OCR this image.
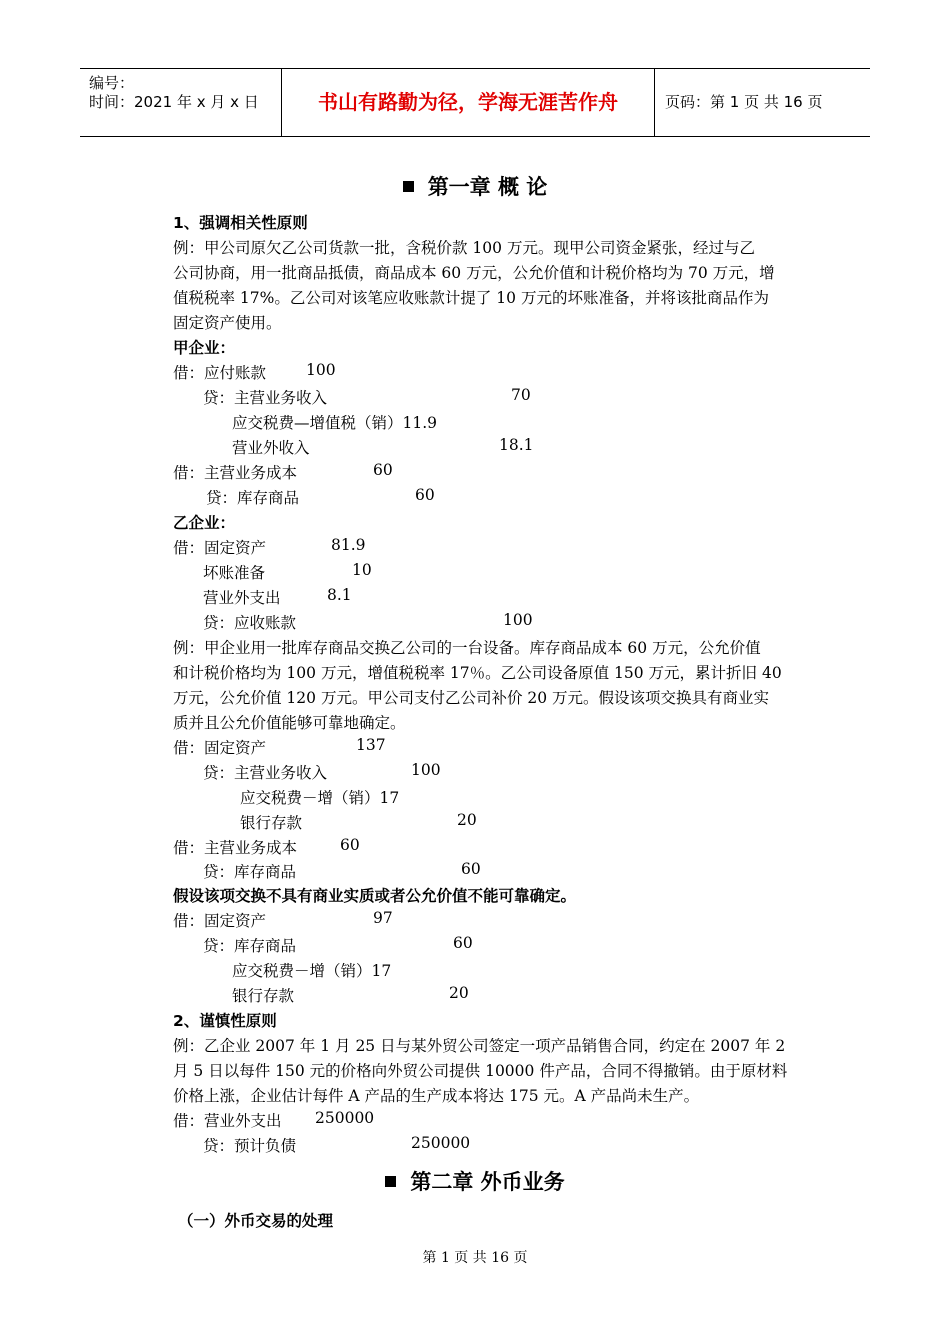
编号：
时间：2021 年 x 月 x 日	书山有路勤为径，学海无涯苦作舟	页码：第 1 页 共 16 页
第一章 概 论
1、强调相关性原则
例：甲公司原欠乙公司货款一批，含税价款 100 万元。现甲公司资金紧张，经过与乙
公司协商，用一批商品抵债，商品成本 60 万元，公允价值和计税价格均为 70 万元，增
值税税率 17%。乙公司对该笔应收账款计提了 10 万元的坏账准备，并将该批商品作为
固定资产使用。
甲企业：
借：应付账款	100
贷：主营业务收入	70
应交税费—增值税（销）11.9
营业外收入	18.1
借：主营业务成本	60
贷：库存商品	60
乙企业：
借：固定资产	81.9
坏账准备	10
营业外支出	8.1
贷：应收账款	100
例：甲企业用一批库存商品交换乙公司的一台设备。库存商品成本 60 万元，公允价值
和计税价格均为 100 万元，增值税税率 17％。乙公司设备原值 150 万元，累计折旧 40
万元，公允价值 120 万元。甲公司支付乙公司补价 20 万元。假设该项交换具有商业实
质并且公允价值能够可靠地确定。
借：固定资产	137
贷：主营业务收入	100
应交税费－增（销）17
银行存款	20
借：主营业务成本	60
贷：库存商品	60
假设该项交换不具有商业实质或者公允价值不能可靠确定。
借：固定资产	97
贷：库存商品	60
应交税费－增（销）17
银行存款	20
2、谨慎性原则
例：乙企业 2007 年 1 月 25 日与某外贸公司签定一项产品销售合同，约定在 2007 年 2
月 5 日以每件 150 元的价格向外贸公司提供 10000 件产品，合同不得撤销。由于原材料
价格上涨，企业估计每件 A 产品的生产成本将达 175 元。A 产品尚未生产。
借：营业外支出 250000
贷：预计负债	250000
第二章 外币业务
（一）外币交易的处理
第 1 页 共 16 页
